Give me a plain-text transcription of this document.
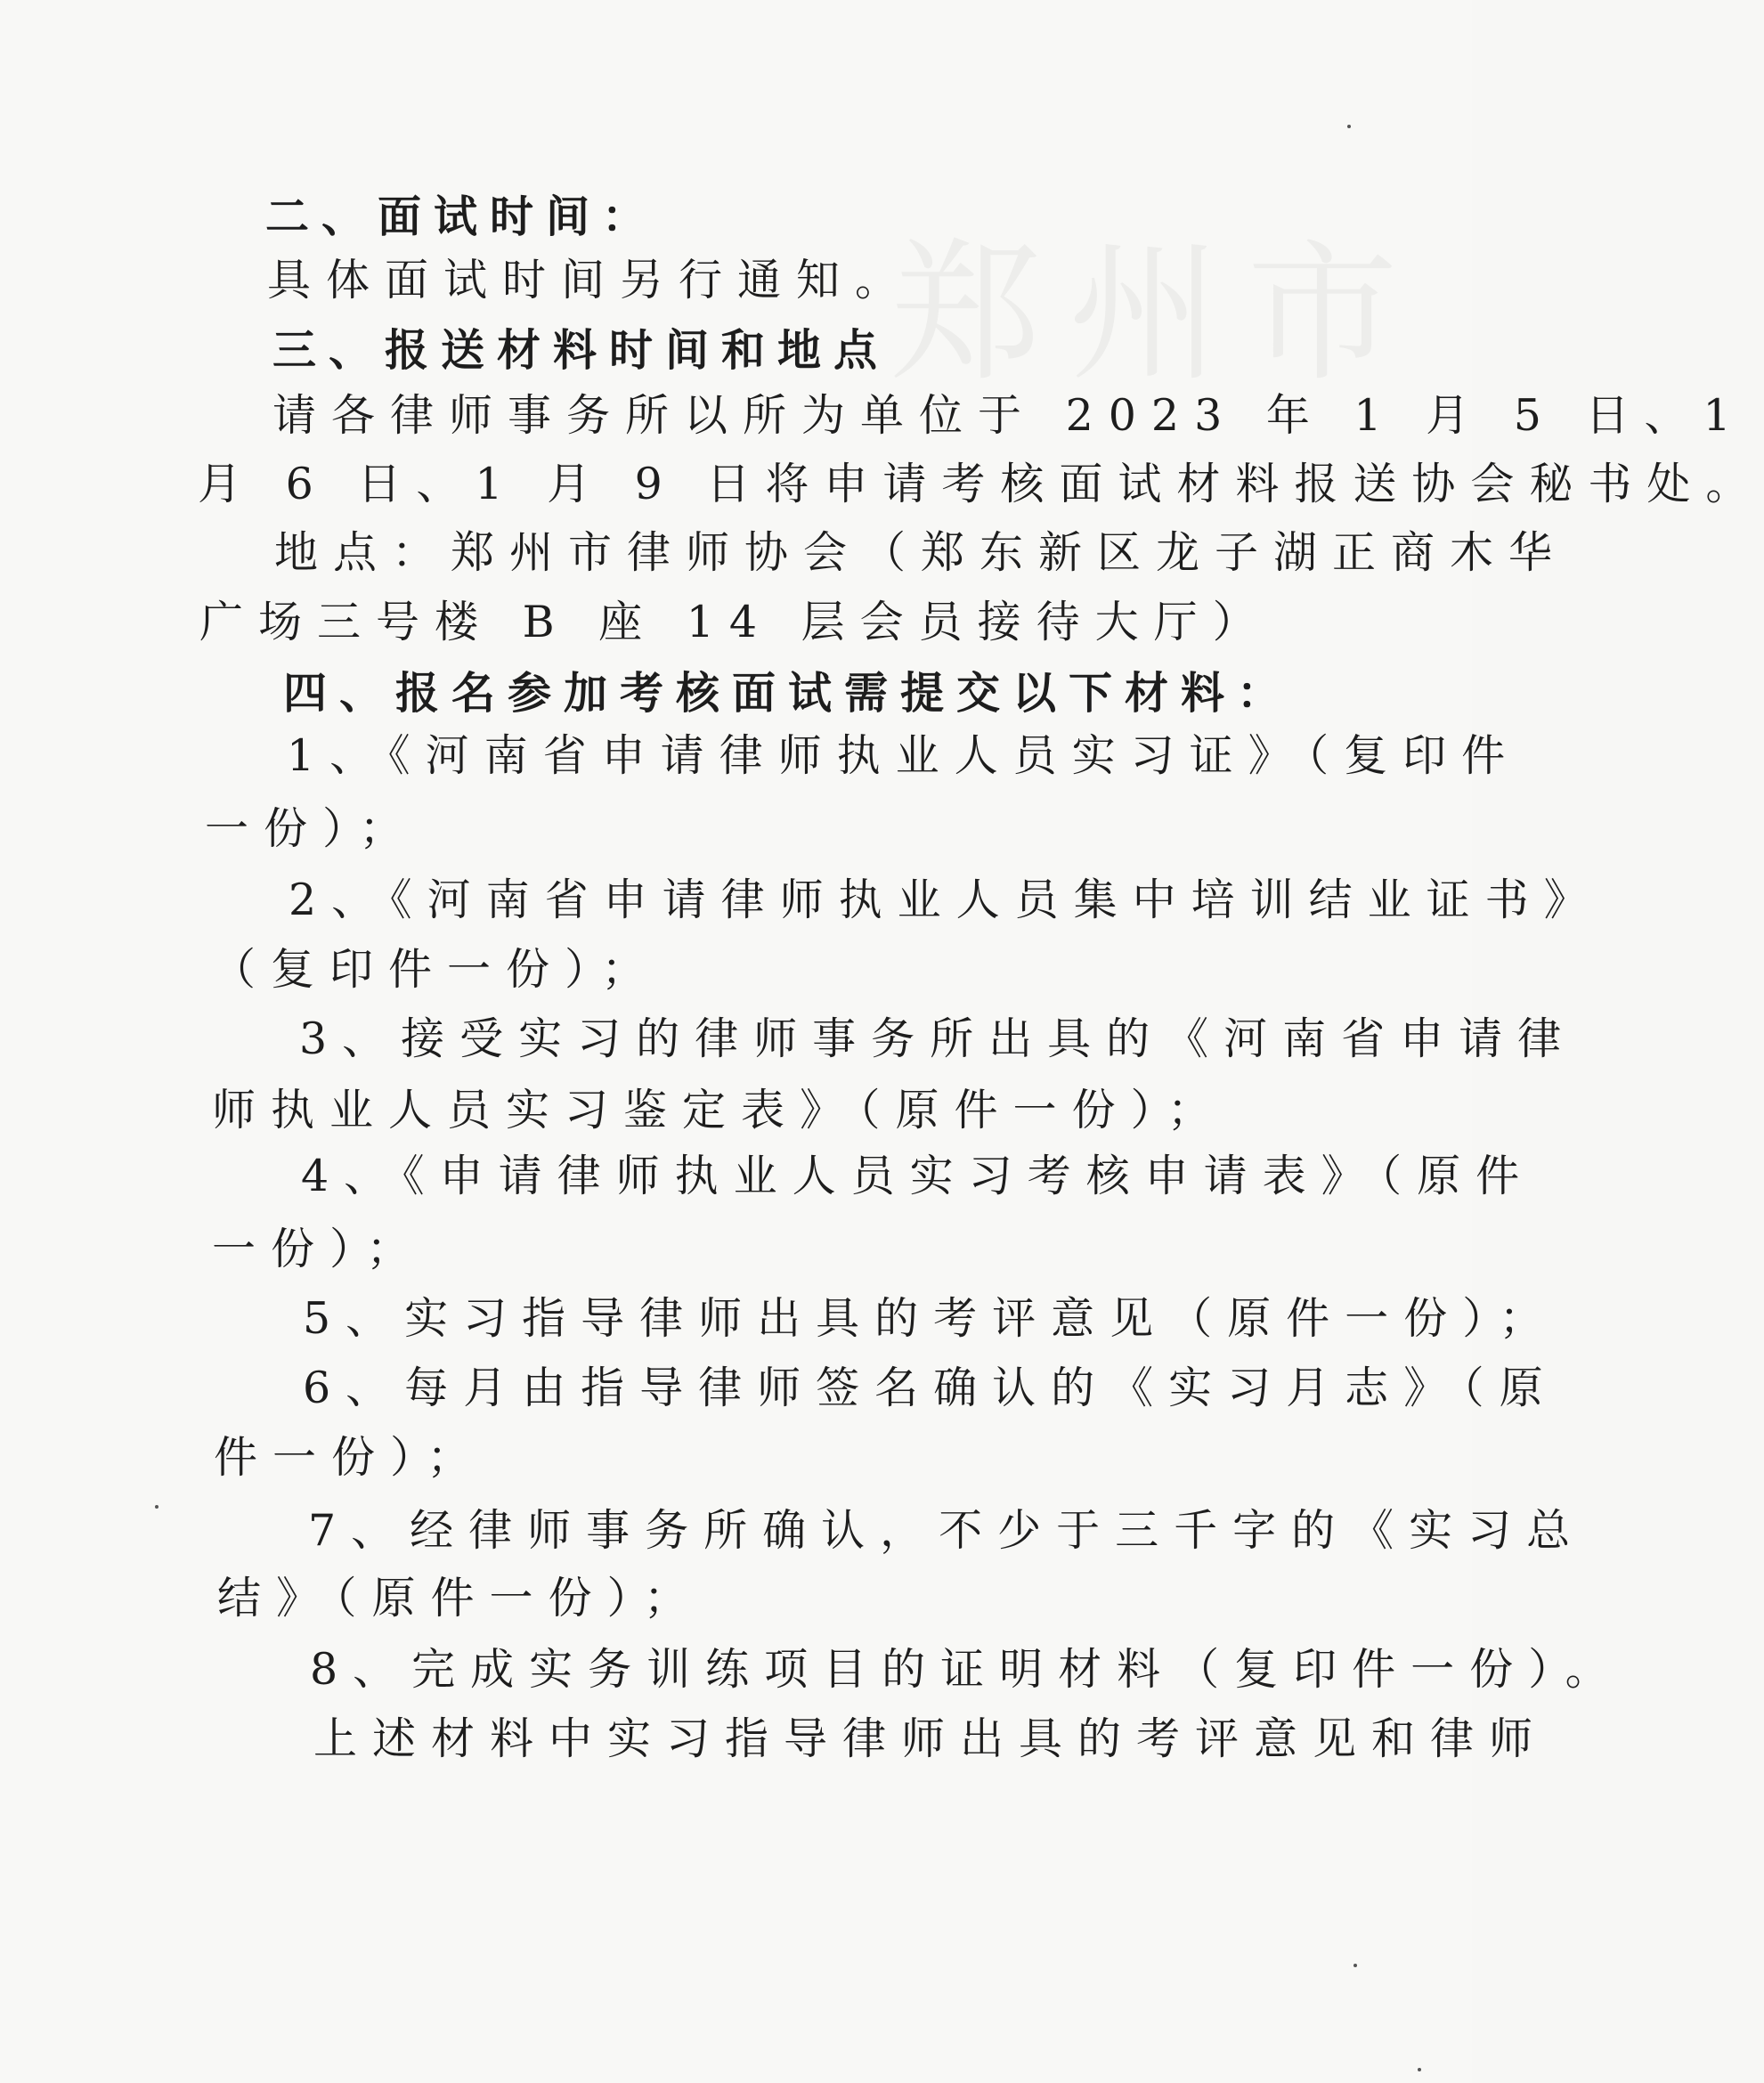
郑州市
二、面试时间：
具体面试时间另行通知。
三、报送材料时间和地点
请各律师事务所以所为单位于 2023 年 1 月 5 日、1
月 6 日、1 月 9 日将申请考核面试材料报送协会秘书处。
地点：郑州市律师协会（郑东新区龙子湖正商木华
广场三号楼 B 座 14 层会员接待大厅）
四、报名参加考核面试需提交以下材料：
1、《河南省申请律师执业人员实习证》（复印件
一份）；
2、《河南省申请律师执业人员集中培训结业证书》
（复印件一份）；
3、接受实习的律师事务所出具的《河南省申请律
师执业人员实习鉴定表》（原件一份）；
4、《申请律师执业人员实习考核申请表》（原件
一份）；
5、实习指导律师出具的考评意见（原件一份）；
6、每月由指导律师签名确认的《实习月志》（原
件一份）；
7、经律师事务所确认，不少于三千字的《实习总
结》（原件一份）；
8、完成实务训练项目的证明材料（复印件一份）。
上述材料中实习指导律师出具的考评意见和律师
